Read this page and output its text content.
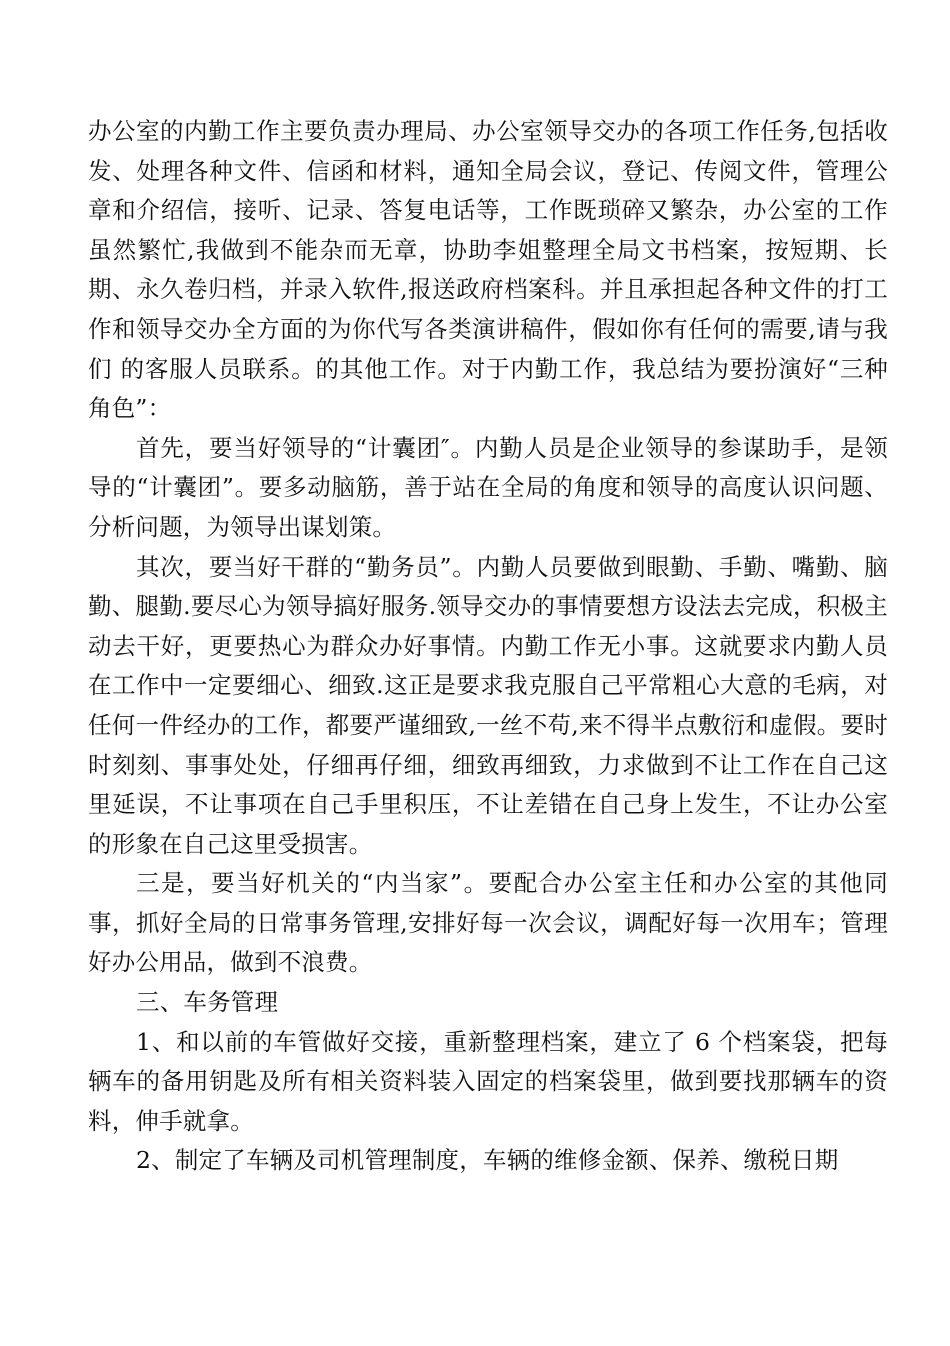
办公室的内勤工作主要负责办理局、办公室领导交办的各项工作任务,包括收发、处理各种文件、信函和材料，通知全局会议，登记、传阅文件，管理公章和介绍信，接听、记录、答复电话等，工作既琐碎又繁杂，办公室的工作虽然繁忙,我做到不能杂而无章，协助李姐整理全局文书档案，按短期、长期、永久卷归档，并录入软件,报送政府档案科。并且承担起各种文件的打工作和领导交办全方面的为你代写各类演讲稿件，假如你有任何的需要,请与我们 的客服人员联系。的其他工作。对于内勤工作，我总结为要扮演好“三种角色”：

首先，要当好领导的“计囊团″。内勤人员是企业领导的参谋助手，是领导的“计囊团”。要多动脑筋，善于站在全局的角度和领导的高度认识问题、分析问题，为领导出谋划策。

其次，要当好干群的“勤务员”。内勤人员要做到眼勤、手勤、嘴勤、脑勤、腿勤.要尽心为领导搞好服务.领导交办的事情要想方设法去完成，积极主动去干好，更要热心为群众办好事情。内勤工作无小事。这就要求内勤人员在工作中一定要细心、细致.这正是要求我克服自己平常粗心大意的毛病，对任何一件经办的工作，都要严谨细致,一丝不苟,来不得半点敷衍和虚假。要时时刻刻、事事处处，仔细再仔细，细致再细致，力求做到不让工作在自己这里延误，不让事项在自己手里积压，不让差错在自己身上发生，不让办公室的形象在自己这里受损害。

三是，要当好机关的“内当家”。要配合办公室主任和办公室的其他同事，抓好全局的日常事务管理,安排好每一次会议，调配好每一次用车；管理好办公用品，做到不浪费。

三、车务管理

1、和以前的车管做好交接，重新整理档案，建立了 6 个档案袋，把每辆车的备用钥匙及所有相关资料装入固定的档案袋里，做到要找那辆车的资料，伸手就拿。

2、制定了车辆及司机管理制度，车辆的维修金额、保养、缴税日期
